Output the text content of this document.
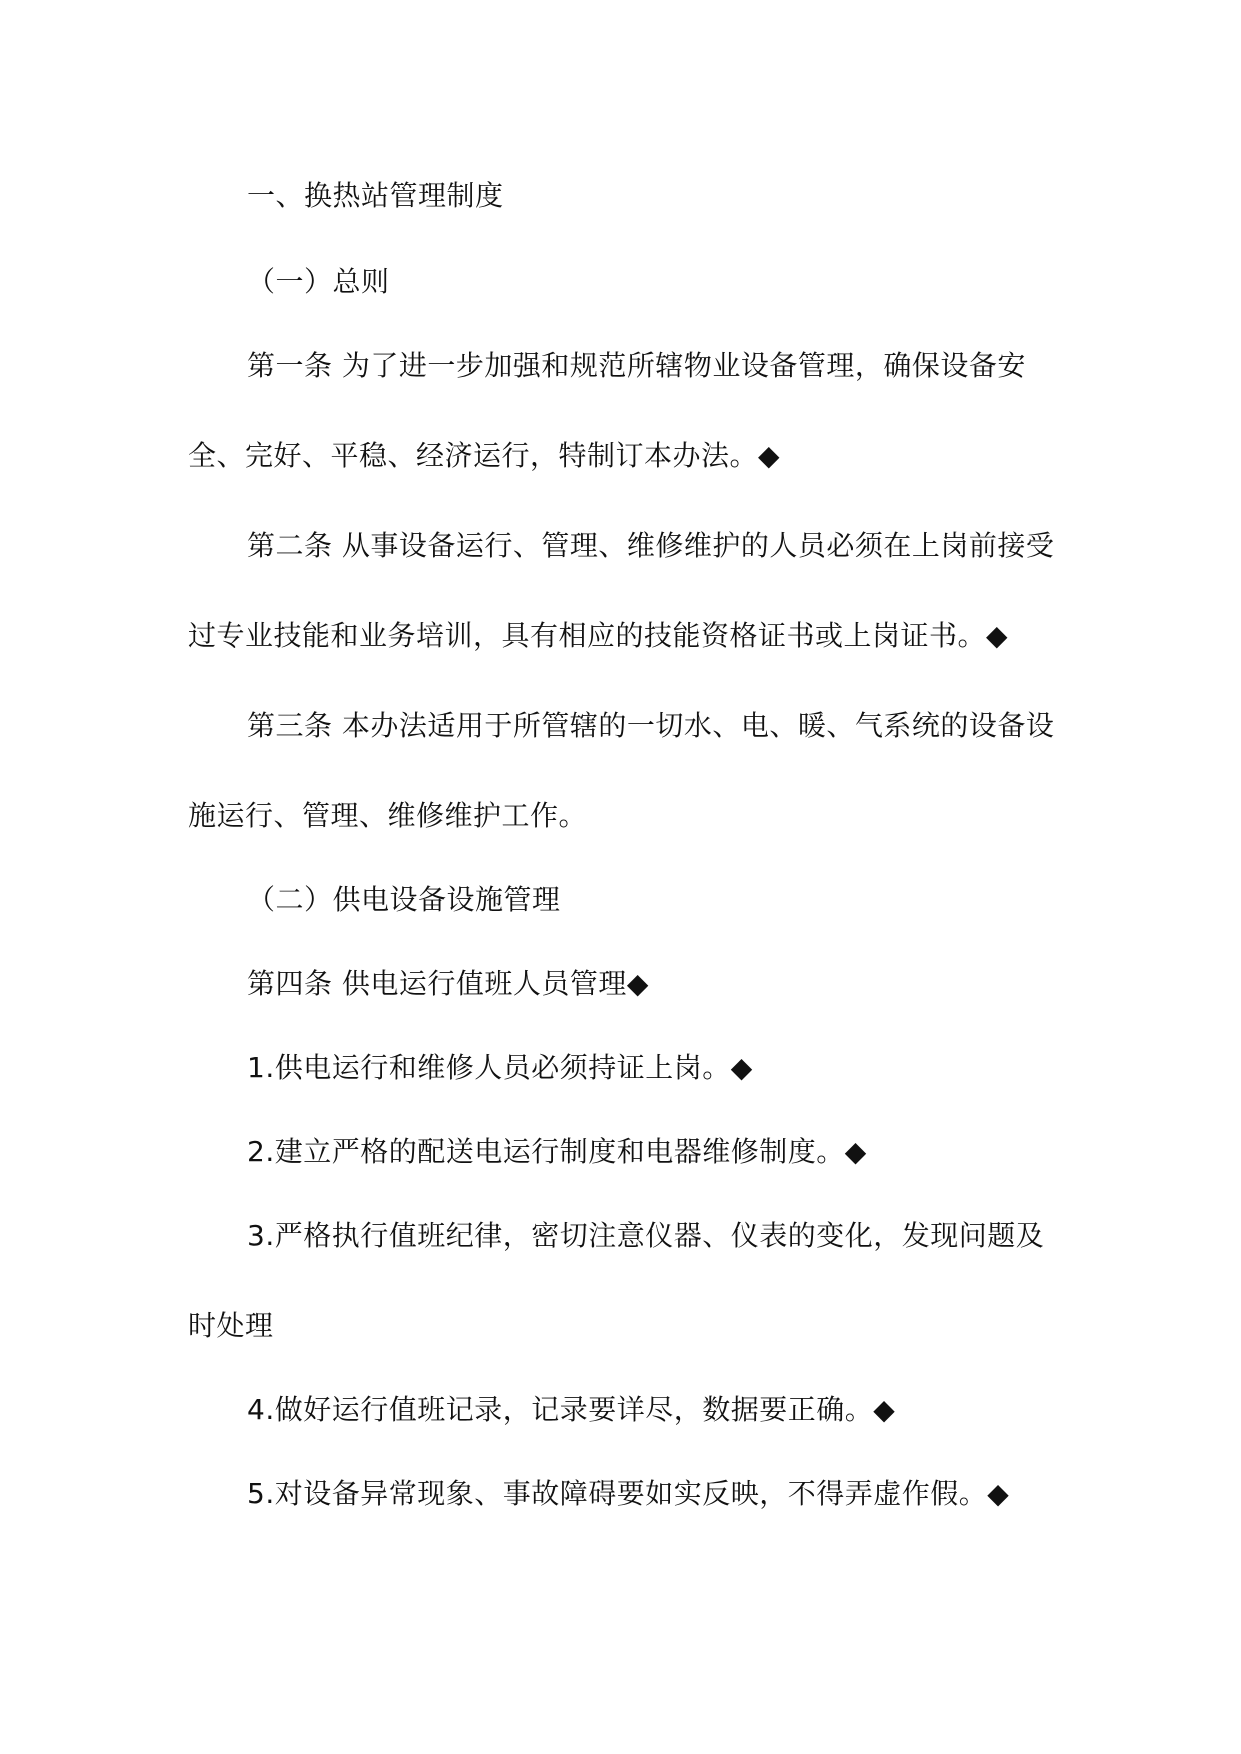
一、换热站管理制度
（一）总则
第一条 为了进一步加强和规范所辖物业设备管理，确保设备安
全、完好、平稳、经济运行，特制订本办法。◆
第二条 从事设备运行、管理、维修维护的人员必须在上岗前接受
过专业技能和业务培训，具有相应的技能资格证书或上岗证书。◆
第三条 本办法适用于所管辖的一切水、电、暖、气系统的设备设
施运行、管理、维修维护工作。
（二）供电设备设施管理
第四条 供电运行值班人员管理◆
1.供电运行和维修人员必须持证上岗。◆
2.建立严格的配送电运行制度和电器维修制度。◆
3.严格执行值班纪律，密切注意仪器、仪表的变化，发现问题及
时处理
4.做好运行值班记录，记录要详尽，数据要正确。◆
5.对设备异常现象、事故障碍要如实反映，不得弄虚作假。◆
